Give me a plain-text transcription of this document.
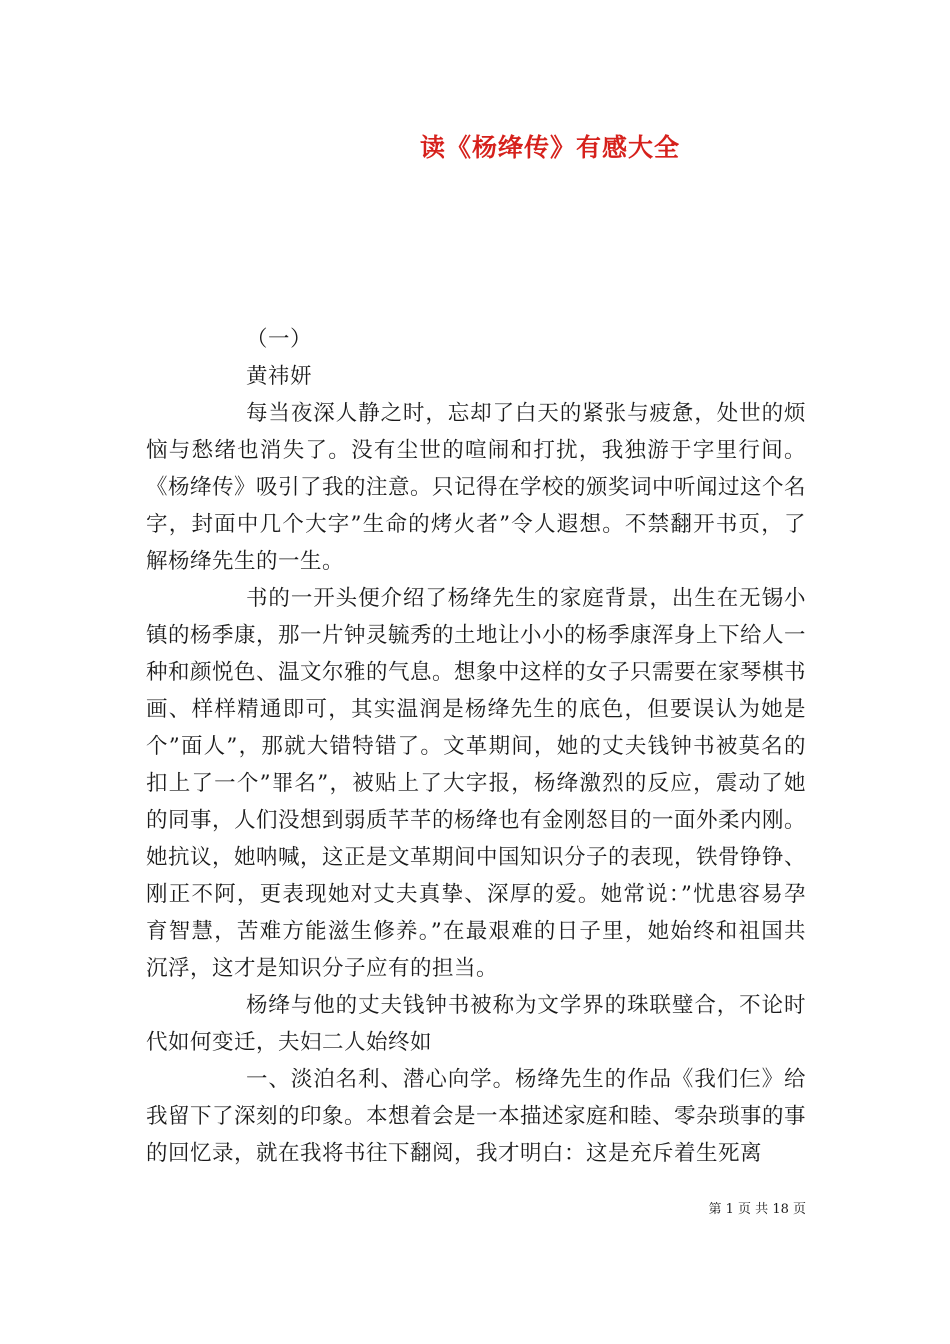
读《杨绛传》有感大全

（一）

黄祎妍

每当夜深人静之时，忘却了白天的紧张与疲惫，处世的烦恼与愁绪也消失了。没有尘世的喧闹和打扰，我独游于字里行间。《杨绛传》吸引了我的注意。只记得在学校的颁奖词中听闻过这个名字，封面中几个大字”生命的烤火者”令人遐想。不禁翻开书页，了解杨绛先生的一生。

书的一开头便介绍了杨绛先生的家庭背景，出生在无锡小镇的杨季康，那一片钟灵毓秀的土地让小小的杨季康浑身上下给人一种和颜悦色、温文尔雅的气息。想象中这样的女子只需要在家琴棋书画、样样精通即可，其实温润是杨绛先生的底色，但要误认为她是个”面人”，那就大错特错了。文革期间，她的丈夫钱钟书被莫名的扣上了一个”罪名”，被贴上了大字报，杨绛激烈的反应，震动了她的同事，人们没想到弱质芊芊的杨绛也有金刚怒目的一面外柔内刚。她抗议，她呐喊，这正是文革期间中国知识分子的表现，铁骨铮铮、刚正不阿，更表现她对丈夫真挚、深厚的爱。她常说：”忧患容易孕育智慧，苦难方能滋生修养。”在最艰难的日子里，她始终和祖国共沉浮，这才是知识分子应有的担当。

杨绛与他的丈夫钱钟书被称为文学界的珠联璧合，不论时代如何变迁，夫妇二人始终如

一、淡泊名利、潜心向学。杨绛先生的作品《我们仨》给我留下了深刻的印象。本想着会是一本描述家庭和睦、零杂琐事的事的回忆录，就在我将书往下翻阅，我才明白：这是充斥着生死离

第 1 页 共 18 页
